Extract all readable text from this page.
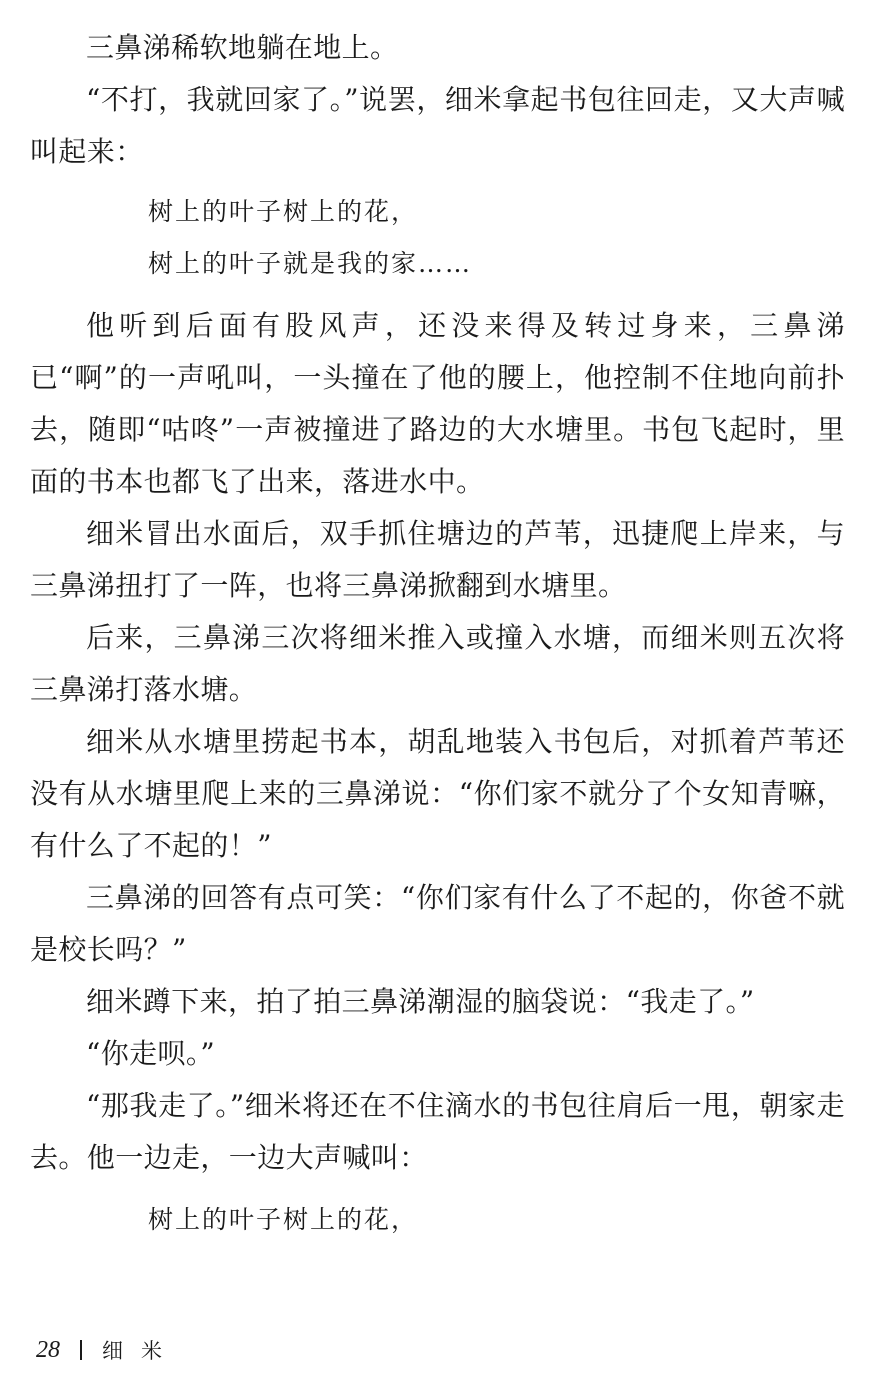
三鼻涕稀软地躺在地上。

“不打，我就回家了。”说罢，细米拿起书包往回走，又大声喊叫起来：

树上的叶子树上的花，

树上的叶子就是我的家……

他听到后面有股风声，还没来得及转过身来，三鼻涕已“啊”的一声吼叫，一头撞在了他的腰上，他控制不住地向前扑去，随即“咕咚”一声被撞进了路边的大水塘里。书包飞起时，里面的书本也都飞了出来，落进水中。

细米冒出水面后，双手抓住塘边的芦苇，迅捷爬上岸来，与三鼻涕扭打了一阵，也将三鼻涕掀翻到水塘里。

后来，三鼻涕三次将细米推入或撞入水塘，而细米则五次将三鼻涕打落水塘。

细米从水塘里捞起书本，胡乱地装入书包后，对抓着芦苇还没有从水塘里爬上来的三鼻涕说：“你们家不就分了个女知青嘛，有什么了不起的！”

三鼻涕的回答有点可笑：“你们家有什么了不起的，你爸不就是校长吗？”

细米蹲下来，拍了拍三鼻涕潮湿的脑袋说：“我走了。”

“你走呗。”

“那我走了。”细米将还在不住滴水的书包往肩后一甩，朝家走去。他一边走，一边大声喊叫：

树上的叶子树上的花，

28 细米
